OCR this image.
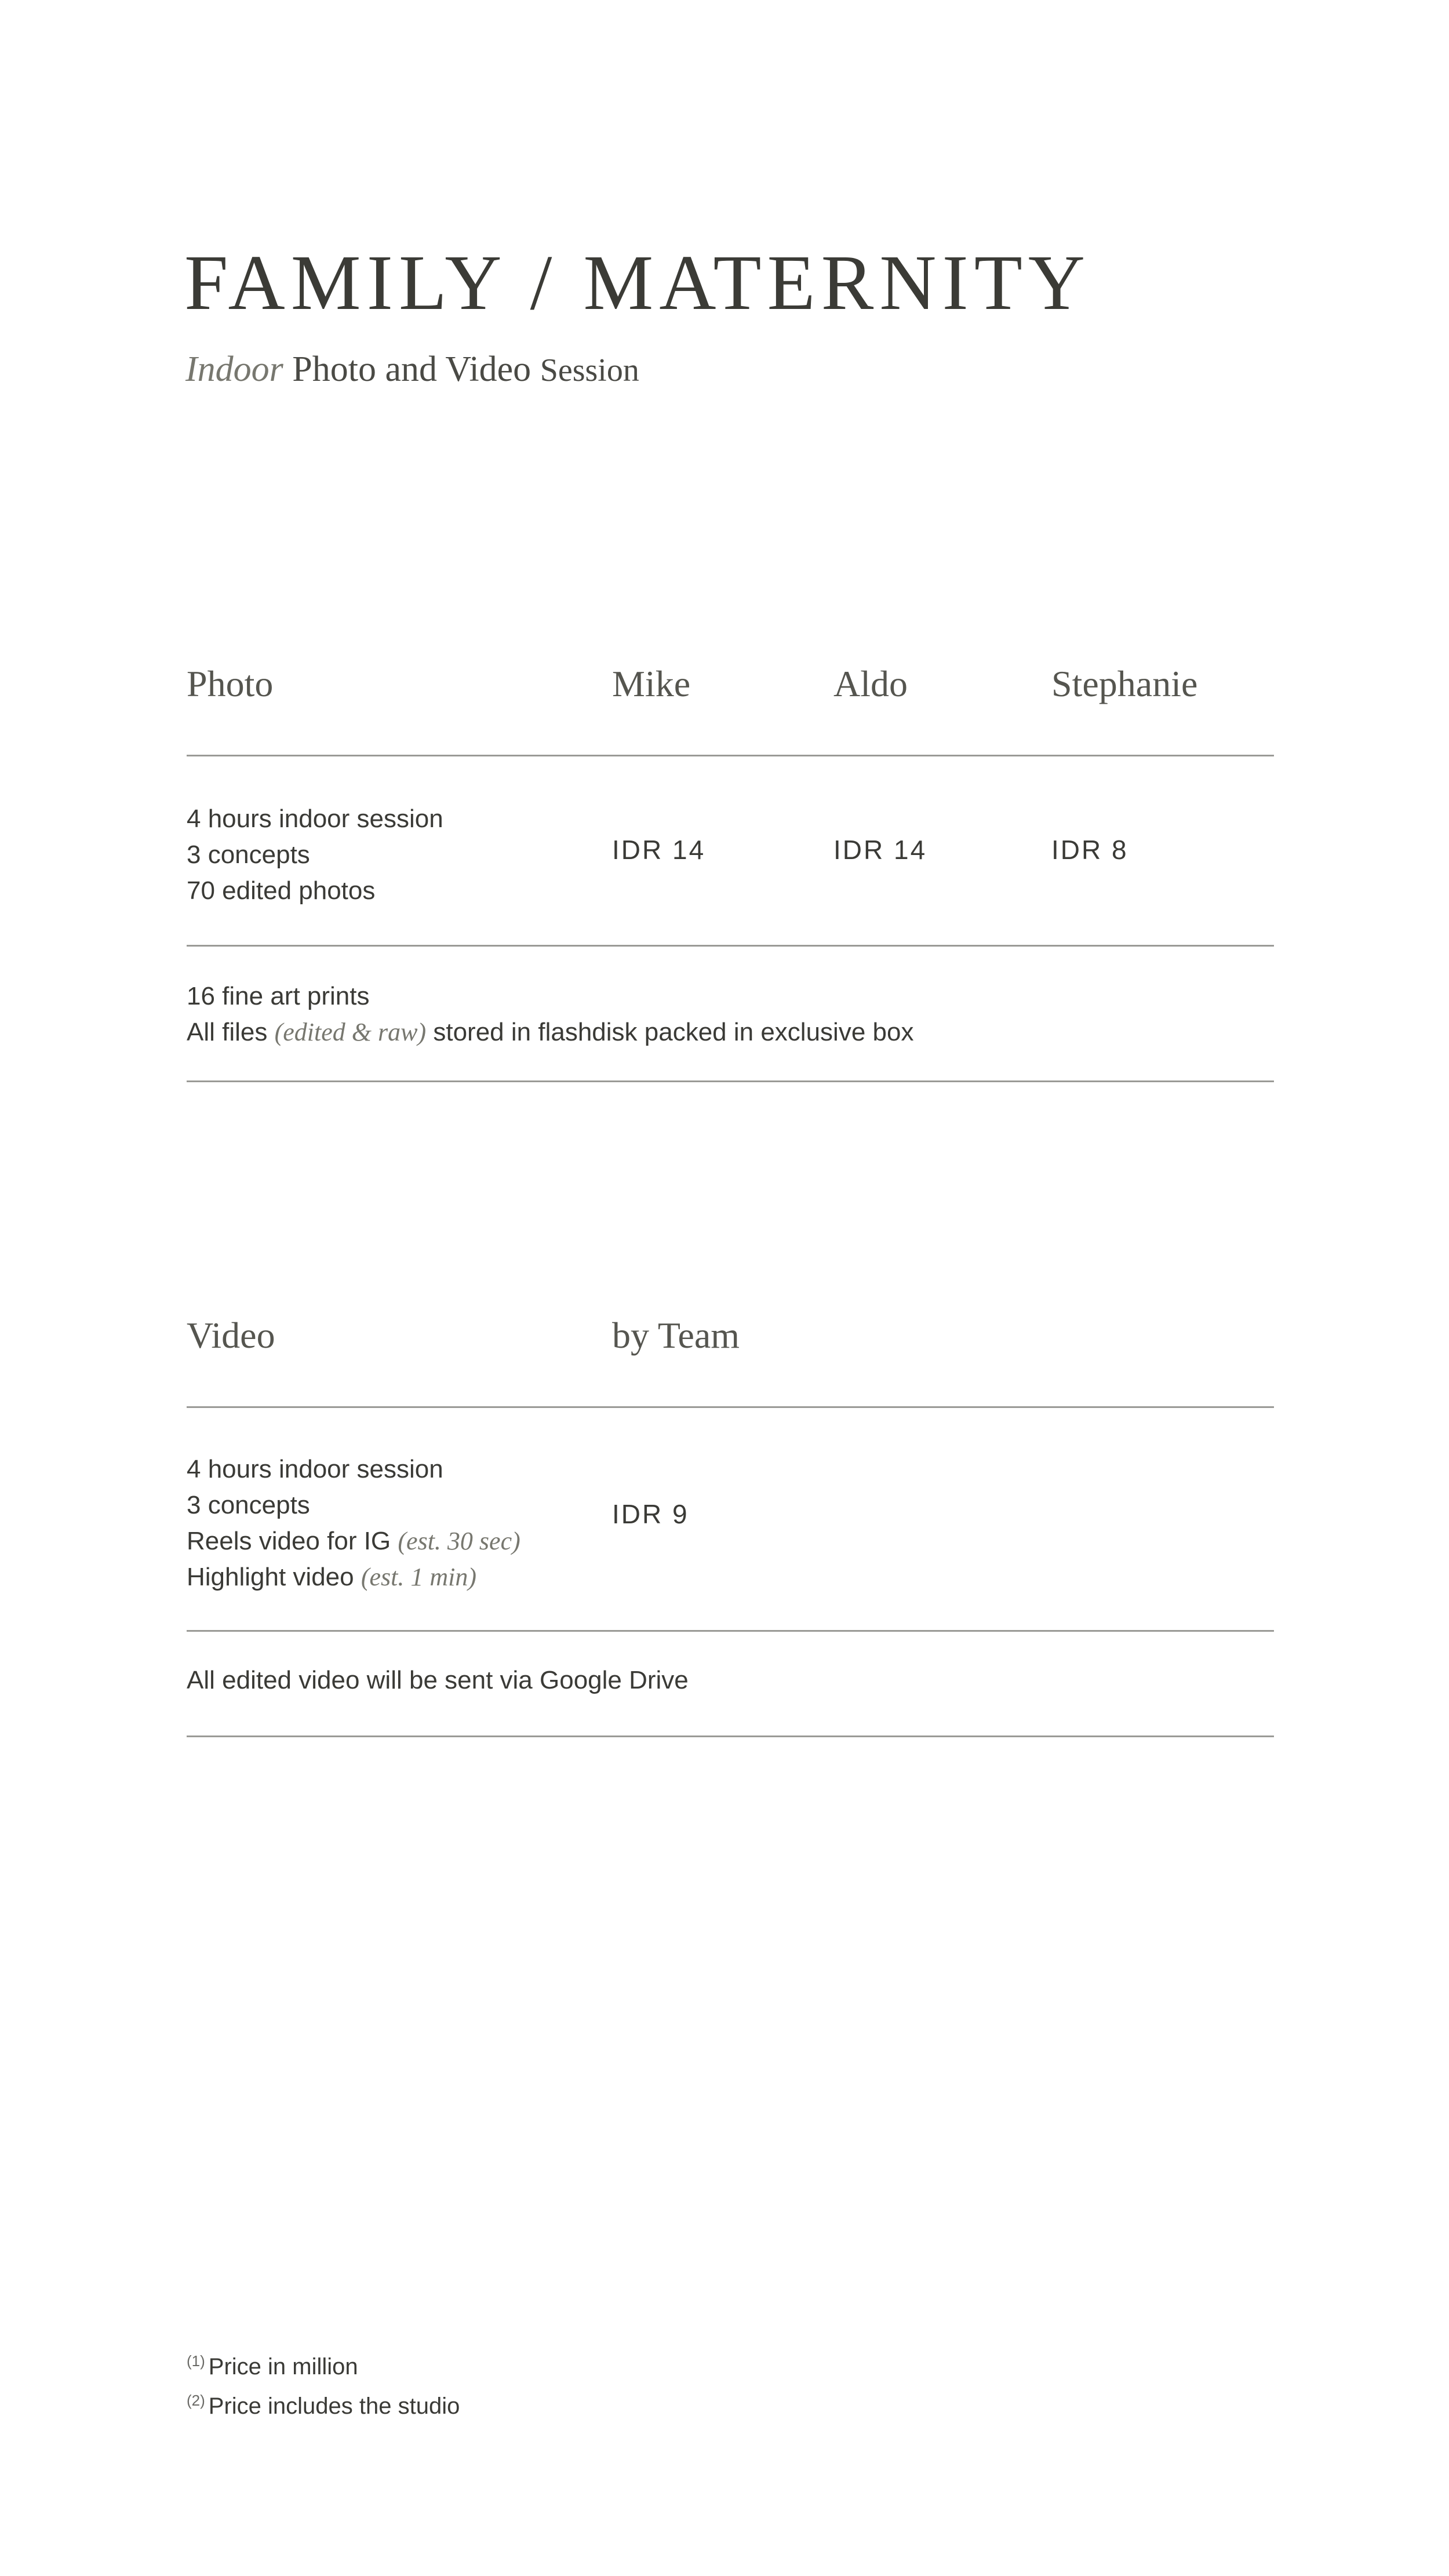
FAMILY / MATERNITY
Indoor Photo and Video Session
Photo	Mike	Aldo	Stephanie
4 hours indoor session
3 concepts
70 edited photos
IDR 14	IDR 14	IDR 8
16 fine art prints
All files (edited & raw) stored in flashdisk packed in exclusive box
Video	by Team
4 hours indoor session
3 concepts
Reels video for IG (est. 30 sec)
Highlight video (est. 1 min)
IDR 9
All edited video will be sent via Google Drive
$^{(1)}$ Price in million
$^{(2)}$ Price includes the studio
